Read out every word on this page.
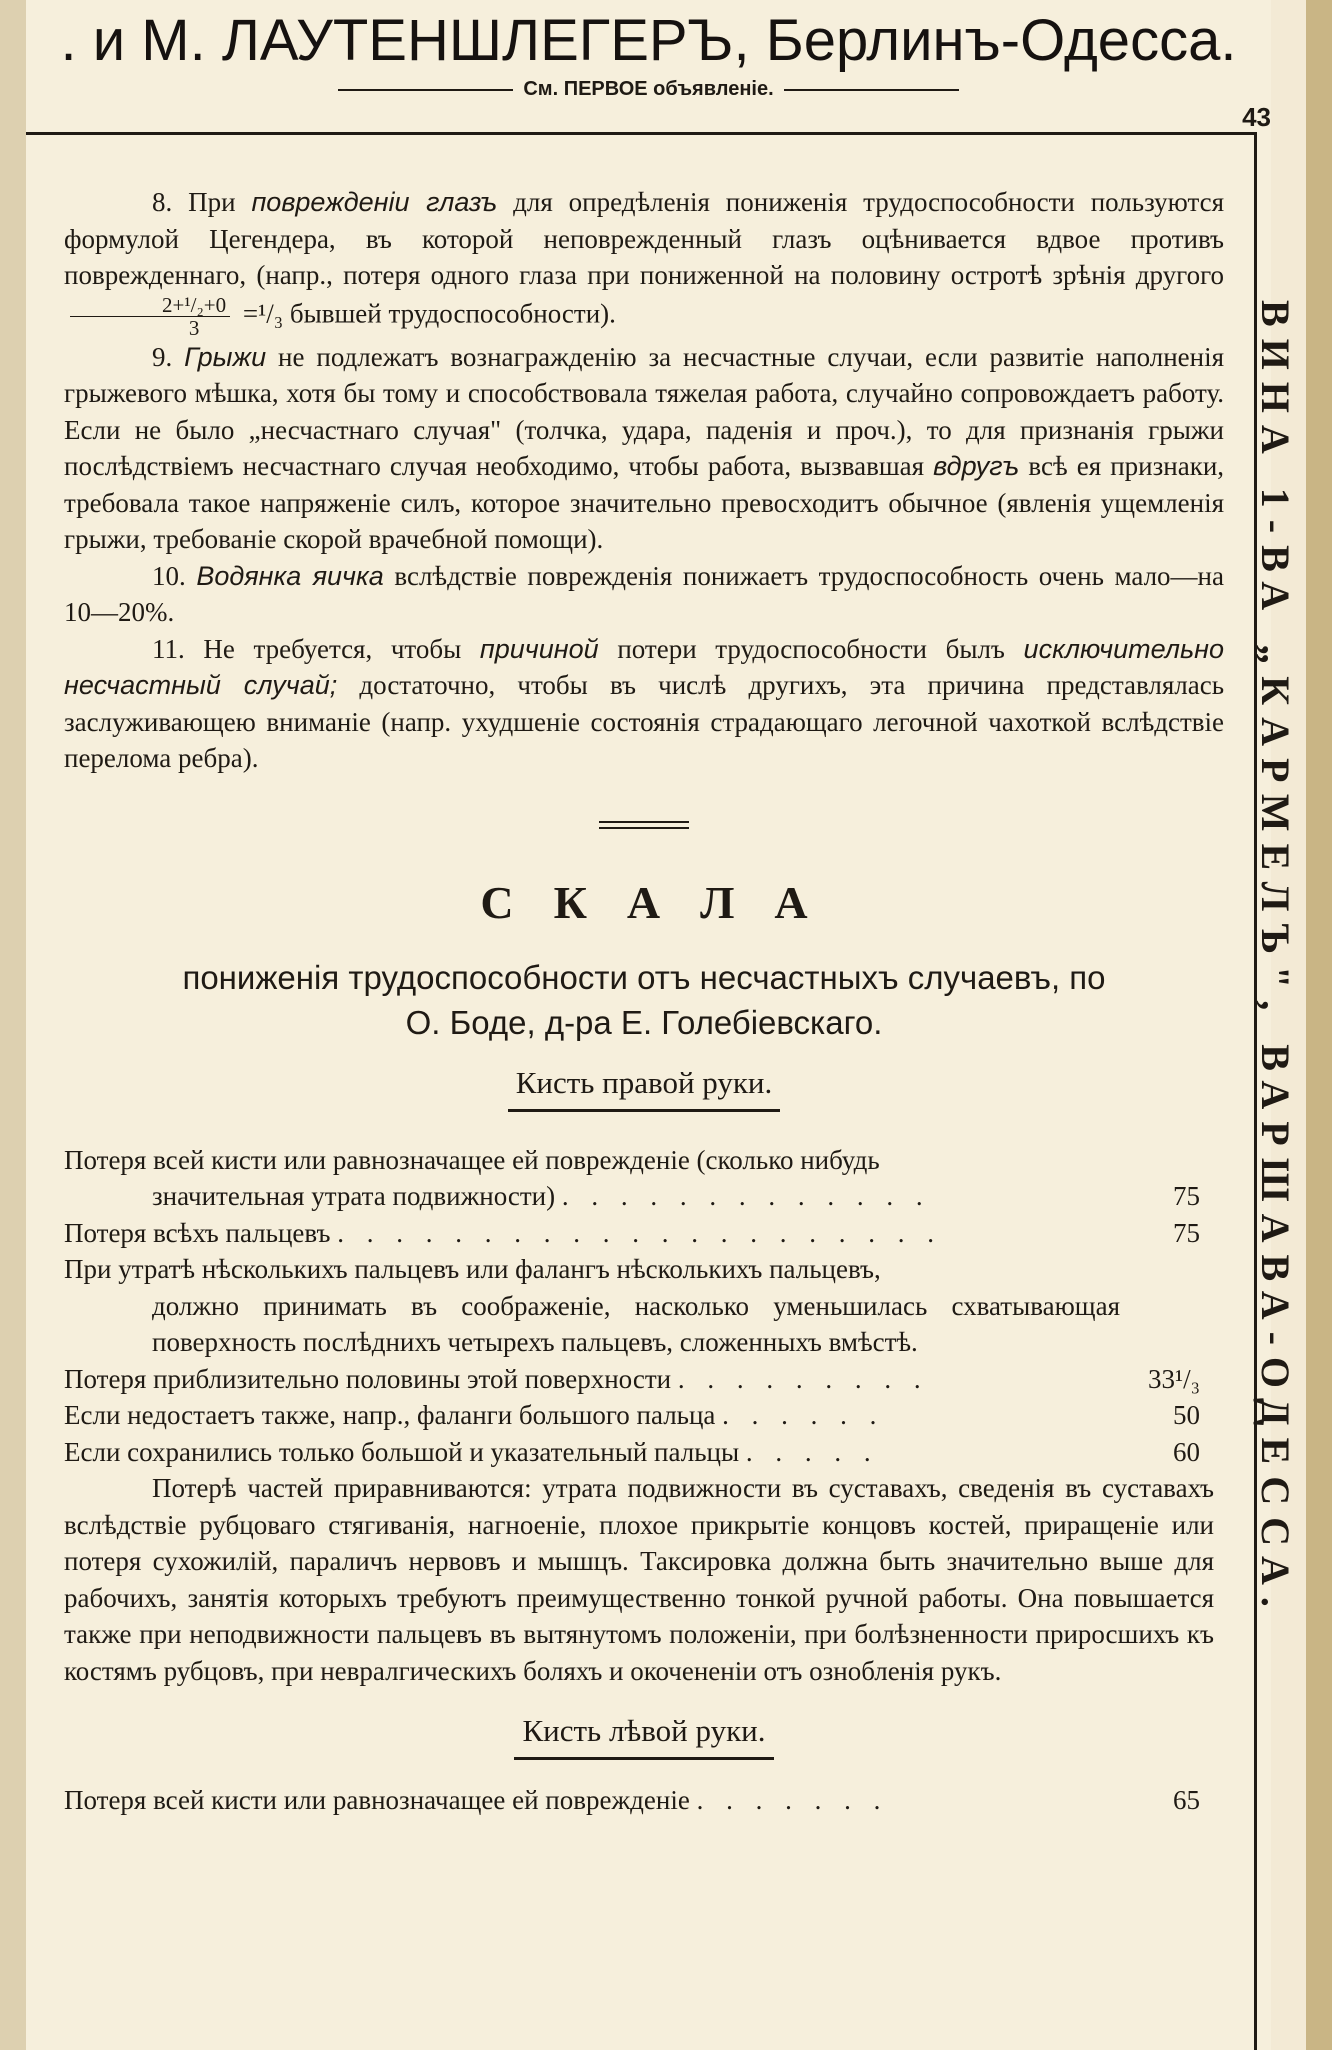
. и М. ЛАУТЕНШЛЕГЕРЪ, Берлинъ-Одесса.
См. ПЕРВОЕ объявленіе.
43
ВИНА 1-ВА „КАРМЕЛЪ", ВАРШАВА-ОДЕССА.

8. При поврежденіи глазъ для опредѣленія пониженія трудоспособности пользуются формулой Цегендера, въ которой неповрежденный глазъ оцѣнивается вдвое противъ поврежденнаго, (напр., потеря одного глаза при пониженной на половину остротѣ зрѣнія другого
$\frac{\text{2+¹/₂+0}}{3} =^1/_3$ бывшей трудоспособности).

9. Грыжи не подлежатъ вознагражденію за несчастные случаи, если развитіе наполненія грыжевого мѣшка, хотя бы тому и способствовала тяжелая работа, случайно сопровождаетъ работу. Если не было „несчастнаго случая" (толчка, удара, паденія и проч.), то для признанія грыжи послѣдствіемъ несчастнаго случая необходимо, чтобы работа, вызвавшая вдругъ всѣ ея признаки, требовала такое напряженіе силъ, которое значительно превосходитъ обычное (явленія ущемленія грыжи, требованіе скорой врачебной помощи).

10. Водянка яичка вслѣдствіе поврежденія понижаетъ трудоспособность очень мало—на 10—20%.

11. Не требуется, чтобы причиной потери трудоспособности былъ исключительно несчастный случай; достаточно, чтобы въ числѣ другихъ, эта причина представлялась заслуживающею вниманіе (напр. ухудшеніе состоянія страдающаго легочной чахоткой вслѣдствіе перелома ребра).

СКАЛА
пониженія трудоспособности отъ несчастныхъ случаевъ, по
О. Боде, д-ра Е. Голебіевскаго.
Кисть правой руки.
Потеря всей кисти или равнозначащее ей поврежденіе (сколько нибудь
значительная утрата подвижности) . . . . . . . . . . . . .	75
Потеря всѣхъ пальцевъ . . . . . . . . . . . . . . . . . . . . .	75

При утратѣ нѣсколькихъ пальцевъ или фалангъ нѣсколькихъ пальцевъ,
должно принимать въ соображеніе, насколько уменьшилась схватывающая поверхность послѣднихъ четырехъ пальцевъ, сложенныхъ вмѣстѣ.	

Потеря приблизительно половины этой поверхности . . . . . . . . .	33¹/₃
Если недостаетъ также, напр., фаланги большого пальца . . . . . .	50
Если сохранились только большой и указательный пальцы . . . . .	60

Потерѣ частей приравниваются: утрата подвижности въ суставахъ, сведенія въ суставахъ вслѣдствіе рубцоваго стягиванія, нагноеніе, плохое прикрытіе концовъ костей, приращеніе или потеря сухожилій, параличъ нервовъ и мышцъ. Таксировка должна быть значительно выше для рабочихъ, занятія которыхъ требуютъ преимущественно тонкой ручной работы. Она повышается также при неподвижности пальцевъ въ вытянутомъ положеніи, при болѣзненности приросшихъ къ костямъ рубцовъ, при невралгическихъ боляхъ и окочененіи отъ ознобленія рукъ.

Кисть лѣвой руки.
Потеря всей кисти или равнозначащее ей поврежденіе . . . . . . .	65
